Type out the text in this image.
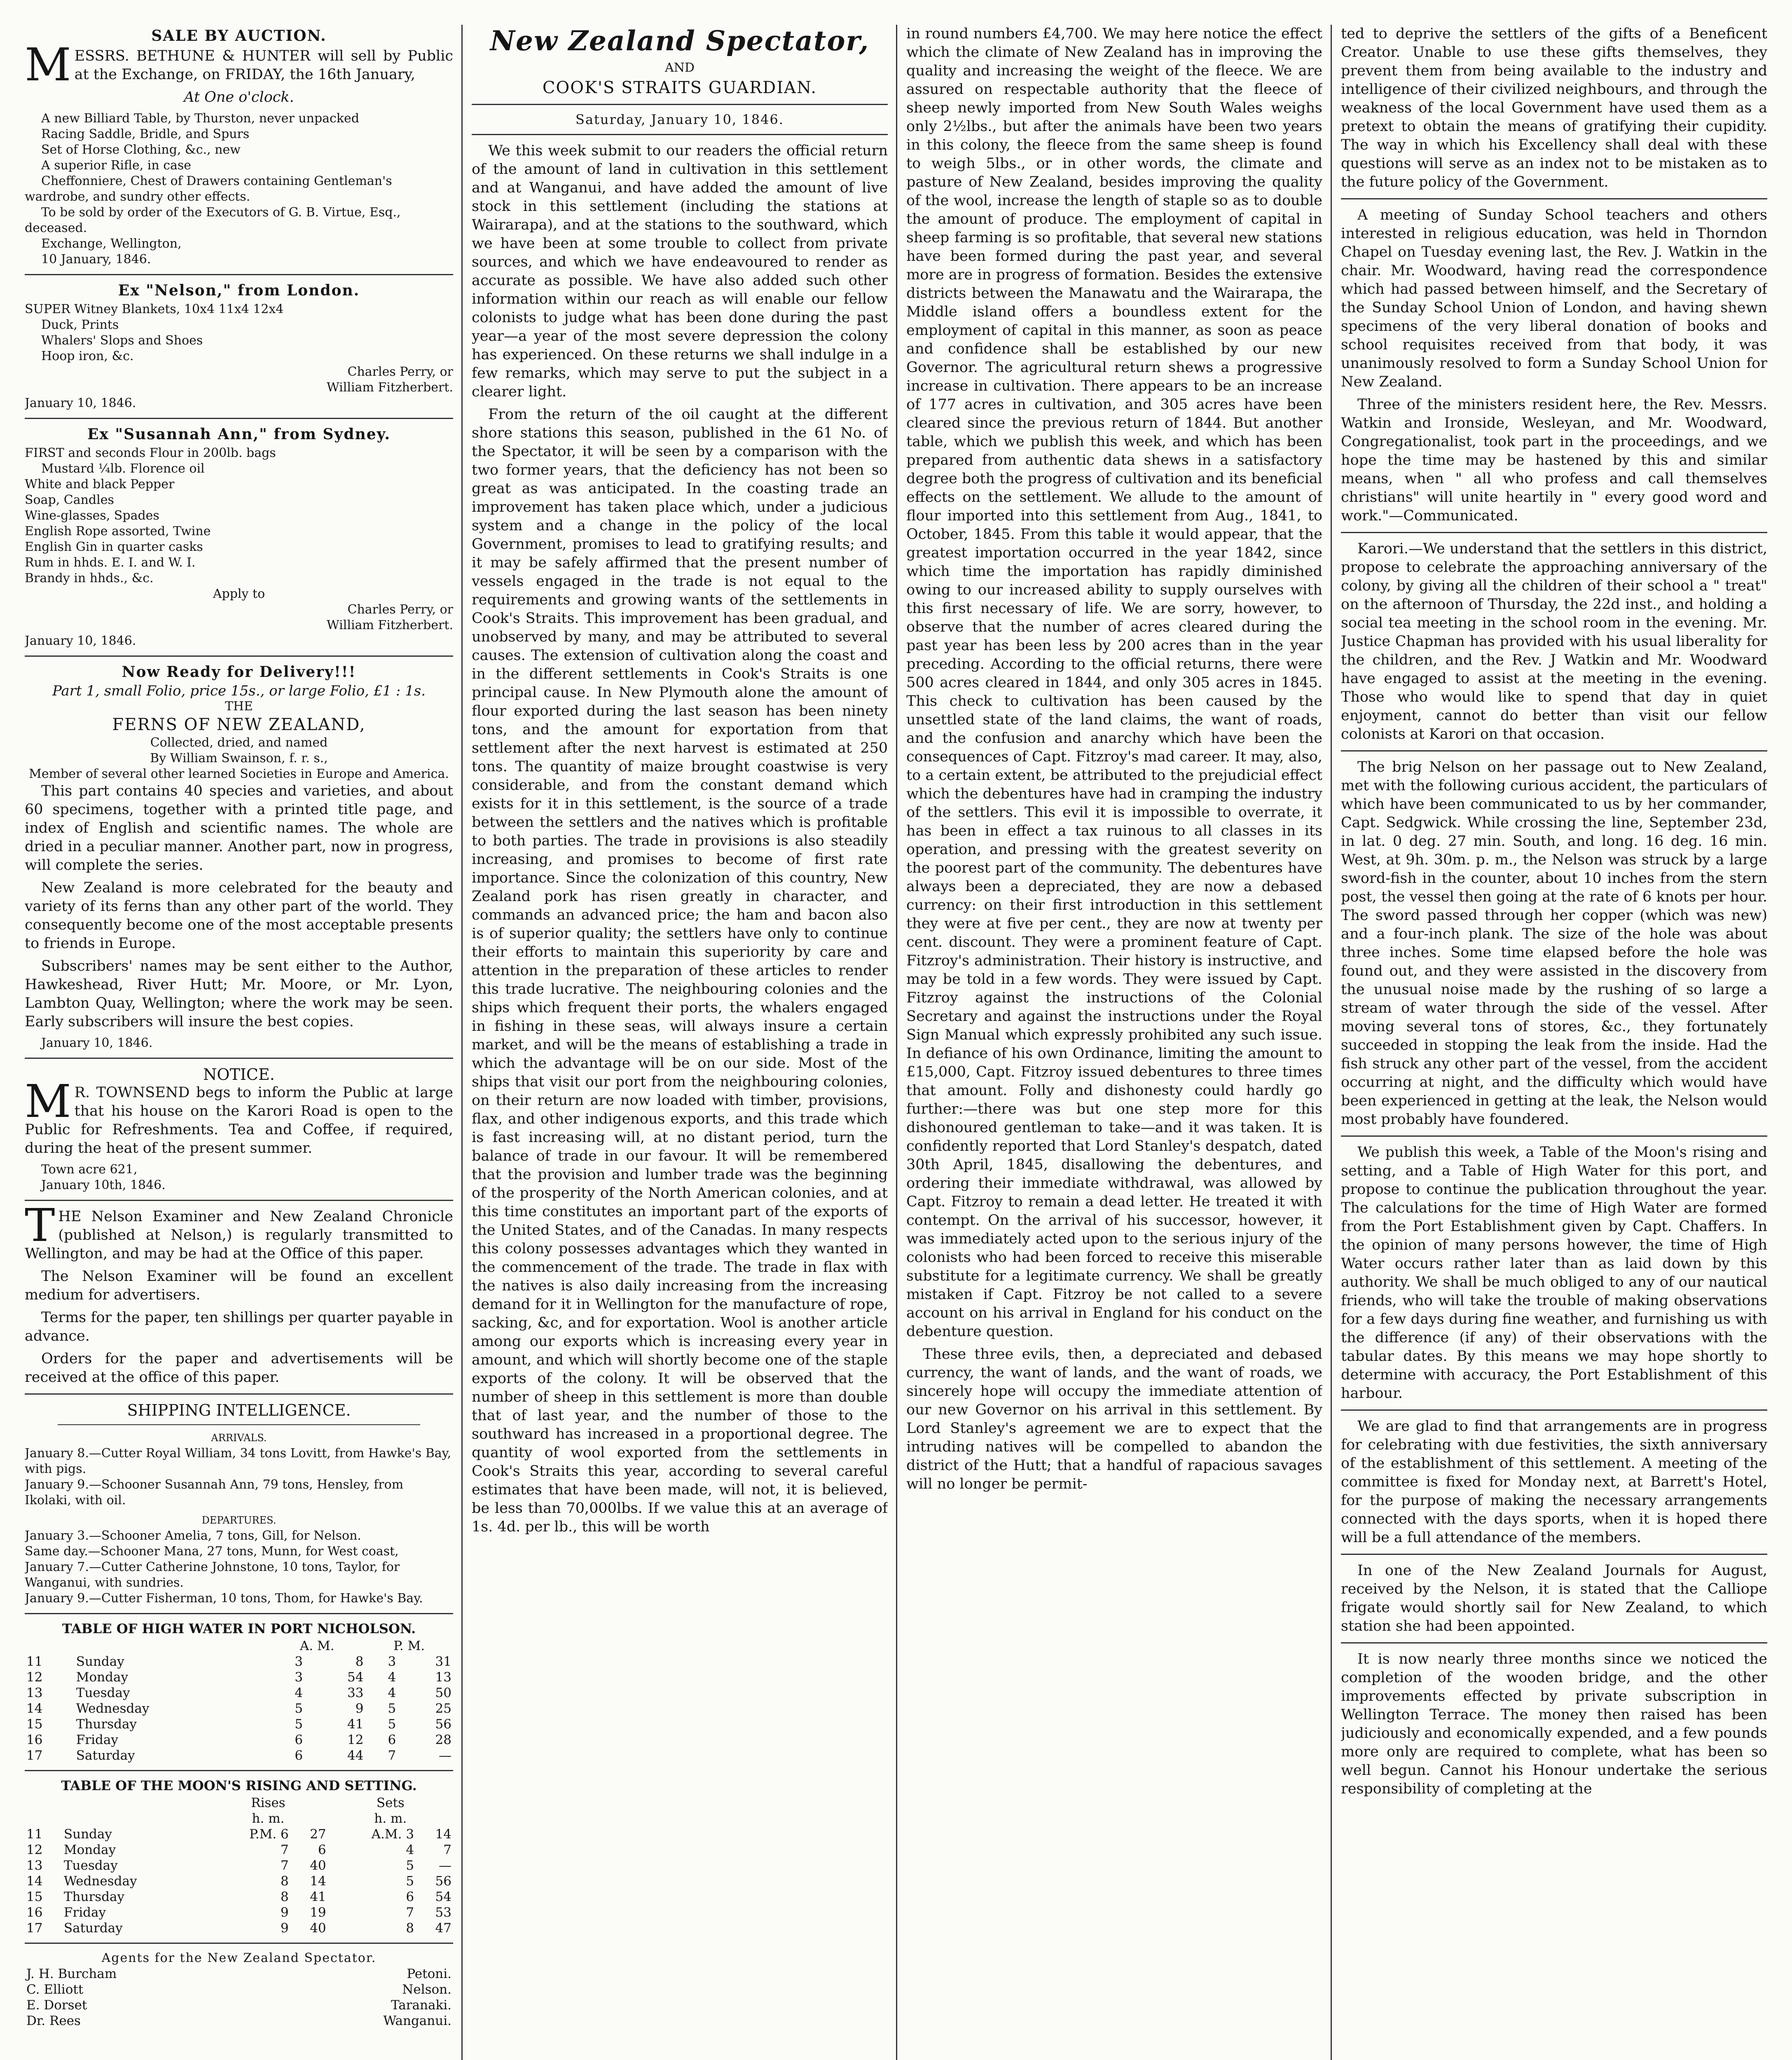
SALE BY AUCTION.

MESSRS. BETHUNE & HUNTER will sell by Public at the Exchange, on FRIDAY, the 16th January,

At One o'clock.

A new Billiard Table, by Thurston, never unpacked
Racing Saddle, Bridle, and Spurs
Set of Horse Clothing, &c., new
A superior Rifle, in case
Cheffonniere, Chest of Drawers containing Gentleman's wardrobe, and sundry other effects.
To be sold by order of the Executors of G. B. Virtue, Esq., deceased.
Exchange, Wellington,
10 January, 1846.
Ex "Nelson," from London.
SUPER Witney Blankets, 10x4 11x4 12x4
Duck, Prints
Whalers' Slops and Shoes
Hoop iron, &c.
Charles Perry, or
William Fitzherbert.
January 10, 1846.
Ex "Susannah Ann," from Sydney.
FIRST and seconds Flour in 200lb. bags
Mustard ¼lb. Florence oil
White and black Pepper
Soap, Candles
Wine-glasses, Spades
English Rope assorted, Twine
English Gin in quarter casks
Rum in hhds. E. I. and W. I.
Brandy in hhds., &c.
Apply to
Charles Perry, or
William Fitzherbert.
January 10, 1846.
Now Ready for Delivery!!!
Part 1, small Folio, price 15s., or large Folio, £1 : 1s.
THE
FERNS OF NEW ZEALAND,
Collected, dried, and named
By William Swainson, f. r. s.,
Member of several other learned Societies in Europe and America.

This part contains 40 species and varieties, and about 60 specimens, together with a printed title page, and index of English and scientific names. The whole are dried in a peculiar manner. Another part, now in progress, will complete the series.

New Zealand is more celebrated for the beauty and variety of its ferns than any other part of the world. They consequently become one of the most acceptable presents to friends in Europe.

Subscribers' names may be sent either to the Author, Hawkeshead, River Hutt; Mr. Moore, or Mr. Lyon, Lambton Quay, Wellington; where the work may be seen. Early subscribers will insure the best copies.

January 10, 1846.
NOTICE.

MR. TOWNSEND begs to inform the Public at large that his house on the Karori Road is open to the Public for Refreshments. Tea and Coffee, if required, during the heat of the present summer.

Town acre 621,
January 10th, 1846.

THE Nelson Examiner and New Zealand Chronicle (published at Nelson,) is regularly transmitted to Wellington, and may be had at the Office of this paper.

The Nelson Examiner will be found an excellent medium for advertisers.

Terms for the paper, ten shillings per quarter payable in advance.

Orders for the paper and advertisements will be received at the office of this paper.

SHIPPING INTELLIGENCE.
ARRIVALS.
January 8.—Cutter Royal William, 34 tons Lovitt, from Hawke's Bay, with pigs.
January 9.—Schooner Susannah Ann, 79 tons, Hensley, from Ikolaki, with oil.
DEPARTURES.
January 3.—Schooner Amelia, 7 tons, Gill, for Nelson.
Same day.—Schooner Mana, 27 tons, Munn, for West coast,
January 7.—Cutter Catherine Johnstone, 10 tons, Taylor, for Wanganui, with sundries.
January 9.—Cutter Fisherman, 10 tons, Thom, for Hawke's Bay.
TABLE OF HIGH WATER IN PORT NICHOLSON.
		A. M.		P. M.	
11	Sunday	3	8	3	31
12	Monday	3	54	4	13
13	Tuesday	4	33	4	50
14	Wednesday	5	9	5	25
15	Thursday	5	41	5	56
16	Friday	6	12	6	28
17	Saturday	6	44	7	—
TABLE OF THE MOON'S RISING AND SETTING.
		Rises		Sets	
		h. m.		h. m.	
11	Sunday	P.M. 6	27	A.M. 3	14
12	Monday	7	6	4	7
13	Tuesday	7	40	5	—
14	Wednesday	8	14	5	56
15	Thursday	8	41	6	54
16	Friday	9	19	7	53
17	Saturday	9	40	8	47
Agents for the New Zealand Spectator.
J. H. Burcham	Petoni.
C. Elliott	Nelson.
E. Dorset	Taranaki.
Dr. Rees	Wanganui.
New Zealand Spectator,
AND
COOK'S STRAITS GUARDIAN.
Saturday, January 10, 1846.

We this week submit to our readers the official return of the amount of land in cultivation in this settlement and at Wanganui, and have added the amount of live stock in this settlement (including the stations at Wairarapa), and at the stations to the southward, which we have been at some trouble to collect from private sources, and which we have endeavoured to render as accurate as possible. We have also added such other information within our reach as will enable our fellow colonists to judge what has been done during the past year—a year of the most severe depression the colony has experienced. On these returns we shall indulge in a few remarks, which may serve to put the subject in a clearer light.

From the return of the oil caught at the different shore stations this season, published in the 61 No. of the Spectator, it will be seen by a comparison with the two former years, that the deficiency has not been so great as was anticipated. In the coasting trade an improvement has taken place which, under a judicious system and a change in the policy of the local Government, promises to lead to gratifying results; and it may be safely affirmed that the present number of vessels engaged in the trade is not equal to the requirements and growing wants of the settlements in Cook's Straits. This improvement has been gradual, and unobserved by many, and may be attributed to several causes. The extension of cultivation along the coast and in the different settlements in Cook's Straits is one principal cause. In New Plymouth alone the amount of flour exported during the last season has been ninety tons, and the amount for exportation from that settlement after the next harvest is estimated at 250 tons. The quantity of maize brought coastwise is very considerable, and from the constant demand which exists for it in this settlement, is the source of a trade between the settlers and the natives which is profitable to both parties. The trade in provisions is also steadily increasing, and promises to become of first rate importance. Since the colonization of this country, New Zealand pork has risen greatly in character, and commands an advanced price; the ham and bacon also is of superior quality; the settlers have only to continue their efforts to maintain this superiority by care and attention in the preparation of these articles to render this trade lucrative. The neighbouring colonies and the ships which frequent their ports, the whalers engaged in fishing in these seas, will always insure a certain market, and will be the means of establishing a trade in which the advantage will be on our side. Most of the ships that visit our port from the neighbouring colonies, on their return are now loaded with timber, provisions, flax, and other indigenous exports, and this trade which is fast increasing will, at no distant period, turn the balance of trade in our favour. It will be remembered that the provision and lumber trade was the beginning of the prosperity of the North American colonies, and at this time constitutes an important part of the exports of the United States, and of the Canadas. In many respects this colony possesses advantages which they wanted in the commencement of the trade. The trade in flax with the natives is also daily increasing from the increasing demand for it in Wellington for the manufacture of rope, sacking, &c, and for exportation. Wool is another article among our exports which is increasing every year in amount, and which will shortly become one of the staple exports of the colony. It will be observed that the number of sheep in this settlement is more than double that of last year, and the number of those to the southward has increased in a proportional degree. The quantity of wool exported from the settlements in Cook's Straits this year, according to several careful estimates that have been made, will not, it is believed, be less than 70,000lbs. If we value this at an average of 1s. 4d. per lb., this will be worth

in round numbers £4,700. We may here notice the effect which the climate of New Zealand has in improving the quality and increasing the weight of the fleece. We are assured on respectable authority that the fleece of sheep newly imported from New South Wales weighs only 2½lbs., but after the animals have been two years in this colony, the fleece from the same sheep is found to weigh 5lbs., or in other words, the climate and pasture of New Zealand, besides improving the quality of the wool, increase the length of staple so as to double the amount of produce. The employment of capital in sheep farming is so profitable, that several new stations have been formed during the past year, and several more are in progress of formation. Besides the extensive districts between the Manawatu and the Wairarapa, the Middle island offers a boundless extent for the employment of capital in this manner, as soon as peace and confidence shall be established by our new Governor. The agricultural return shews a progressive increase in cultivation. There appears to be an increase of 177 acres in cultivation, and 305 acres have been cleared since the previous return of 1844. But another table, which we publish this week, and which has been prepared from authentic data shews in a satisfactory degree both the progress of cultivation and its beneficial effects on the settlement. We allude to the amount of flour imported into this settlement from Aug., 1841, to October, 1845. From this table it would appear, that the greatest importation occurred in the year 1842, since which time the importation has rapidly diminished owing to our increased ability to supply ourselves with this first necessary of life. We are sorry, however, to observe that the number of acres cleared during the past year has been less by 200 acres than in the year preceding. According to the official returns, there were 500 acres cleared in 1844, and only 305 acres in 1845. This check to cultivation has been caused by the unsettled state of the land claims, the want of roads, and the confusion and anarchy which have been the consequences of Capt. Fitzroy's mad career. It may, also, to a certain extent, be attributed to the prejudicial effect which the debentures have had in cramping the industry of the settlers. This evil it is impossible to overrate, it has been in effect a tax ruinous to all classes in its operation, and pressing with the greatest severity on the poorest part of the community. The debentures have always been a depreciated, they are now a debased currency: on their first introduction in this settlement they were at five per cent., they are now at twenty per cent. discount. They were a prominent feature of Capt. Fitzroy's administration. Their history is instructive, and may be told in a few words. They were issued by Capt. Fitzroy against the instructions of the Colonial Secretary and against the instructions under the Royal Sign Manual which expressly prohibited any such issue. In defiance of his own Ordinance, limiting the amount to £15,000, Capt. Fitzroy issued debentures to three times that amount. Folly and dishonesty could hardly go further:—there was but one step more for this dishonoured gentleman to take—and it was taken. It is confidently reported that Lord Stanley's despatch, dated 30th April, 1845, disallowing the debentures, and ordering their immediate withdrawal, was allowed by Capt. Fitzroy to remain a dead letter. He treated it with contempt. On the arrival of his successor, however, it was immediately acted upon to the serious injury of the colonists who had been forced to receive this miserable substitute for a legitimate currency. We shall be greatly mistaken if Capt. Fitzroy be not called to a severe account on his arrival in England for his conduct on the debenture question.

These three evils, then, a depreciated and debased currency, the want of lands, and the want of roads, we sincerely hope will occupy the immediate attention of our new Governor on his arrival in this settlement. By Lord Stanley's agreement we are to expect that the intruding natives will be compelled to abandon the district of the Hutt; that a handful of rapacious savages will no longer be permit-

ted to deprive the settlers of the gifts of a Beneficent Creator. Unable to use these gifts themselves, they prevent them from being available to the industry and intelligence of their civilized neighbours, and through the weakness of the local Government have used them as a pretext to obtain the means of gratifying their cupidity. The way in which his Excellency shall deal with these questions will serve as an index not to be mistaken as to the future policy of the Government.

A meeting of Sunday School teachers and others interested in religious education, was held in Thorndon Chapel on Tuesday evening last, the Rev. J. Watkin in the chair. Mr. Woodward, having read the correspondence which had passed between himself, and the Secretary of the Sunday School Union of London, and having shewn specimens of the very liberal donation of books and school requisites received from that body, it was unanimously resolved to form a Sunday School Union for New Zealand.

Three of the ministers resident here, the Rev. Messrs. Watkin and Ironside, Wesleyan, and Mr. Woodward, Congregationalist, took part in the proceedings, and we hope the time may be hastened by this and similar means, when " all who profess and call themselves christians" will unite heartily in " every good word and work."—Communicated.

Karori.—We understand that the settlers in this district, propose to celebrate the approaching anniversary of the colony, by giving all the children of their school a " treat" on the afternoon of Thursday, the 22d inst., and holding a social tea meeting in the school room in the evening. Mr. Justice Chapman has provided with his usual liberality for the children, and the Rev. J Watkin and Mr. Woodward have engaged to assist at the meeting in the evening. Those who would like to spend that day in quiet enjoyment, cannot do better than visit our fellow colonists at Karori on that occasion.

The brig Nelson on her passage out to New Zealand, met with the following curious accident, the particulars of which have been communicated to us by her commander, Capt. Sedgwick. While crossing the line, September 23d, in lat. 0 deg. 27 min. South, and long. 16 deg. 16 min. West, at 9h. 30m. p. m., the Nelson was struck by a large sword-fish in the counter, about 10 inches from the stern post, the vessel then going at the rate of 6 knots per hour. The sword passed through her copper (which was new) and a four-inch plank. The size of the hole was about three inches. Some time elapsed before the hole was found out, and they were assisted in the discovery from the unusual noise made by the rushing of so large a stream of water through the side of the vessel. After moving several tons of stores, &c., they fortunately succeeded in stopping the leak from the inside. Had the fish struck any other part of the vessel, from the accident occurring at night, and the difficulty which would have been experienced in getting at the leak, the Nelson would most probably have foundered.

We publish this week, a Table of the Moon's rising and setting, and a Table of High Water for this port, and propose to continue the publication throughout the year. The calculations for the time of High Water are formed from the Port Establishment given by Capt. Chaffers. In the opinion of many persons however, the time of High Water occurs rather later than as laid down by this authority. We shall be much obliged to any of our nautical friends, who will take the trouble of making observations for a few days during fine weather, and furnishing us with the difference (if any) of their observations with the tabular dates. By this means we may hope shortly to determine with accuracy, the Port Establishment of this harbour.

We are glad to find that arrangements are in progress for celebrating with due festivities, the sixth anniversary of the establishment of this settlement. A meeting of the committee is fixed for Monday next, at Barrett's Hotel, for the purpose of making the necessary arrangements connected with the days sports, when it is hoped there will be a full attendance of the members.

In one of the New Zealand Journals for August, received by the Nelson, it is stated that the Calliope frigate would shortly sail for New Zealand, to which station she had been appointed.

It is now nearly three months since we noticed the completion of the wooden bridge, and the other improvements effected by private subscription in Wellington Terrace. The money then raised has been judiciously and economically expended, and a few pounds more only are required to complete, what has been so well begun. Cannot his Honour undertake the serious responsibility of completing at the
